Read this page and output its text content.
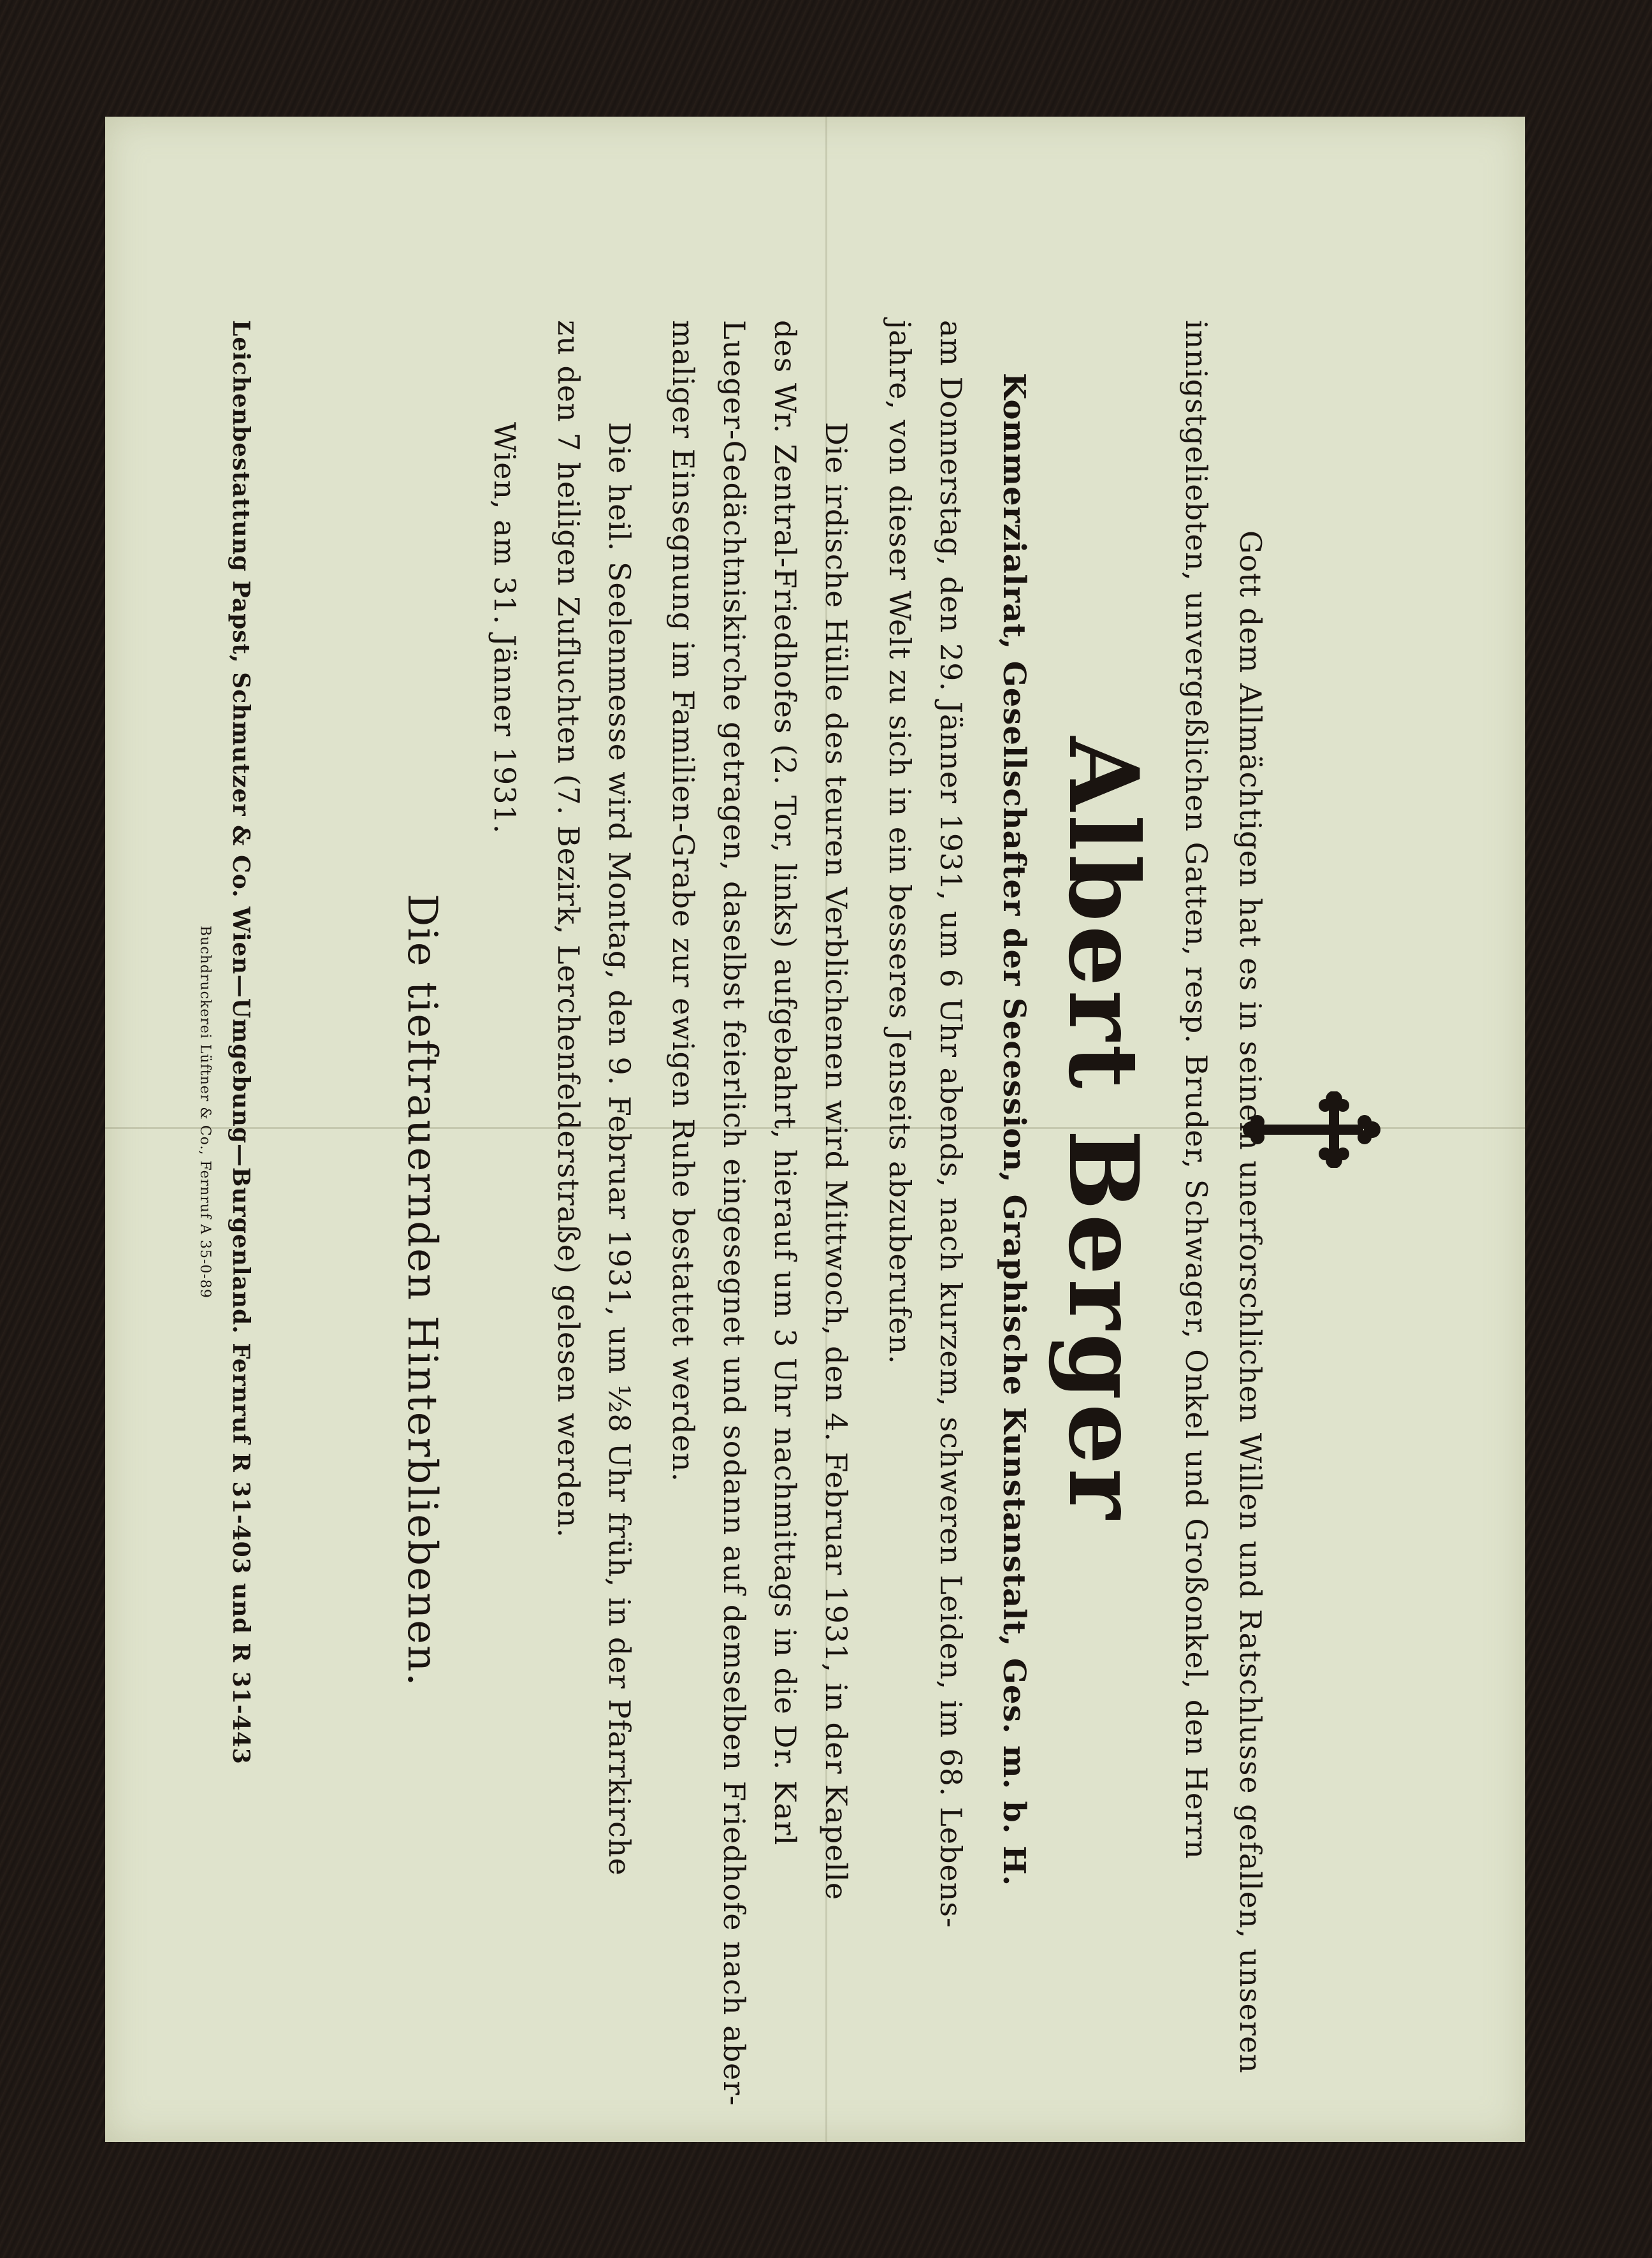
Gott dem Allmächtigen hat es in seinem unerforschlichen Willen und Ratschlusse gefallen, unseren
innigstgeliebten, unvergeßlichen Gatten, resp. Bruder, Schwager, Onkel und Großonkel, den Herrn
Albert Berger
Kommerzialrat, Gesellschafter der Secession, Graphische Kunstanstalt, Ges. m. b. H.
am Donnerstag, den 29. Jänner 1931, um 6 Uhr abends, nach kurzem, schweren Leiden, im 68. Lebens-
jahre, von dieser Welt zu sich in ein besseres Jenseits abzuberufen.
Die irdische Hülle des teuren Verblichenen wird Mittwoch, den 4. Februar 1931, in der Kapelle
des Wr. Zentral-Friedhofes (2. Tor, links) aufgebahrt, hierauf um 3 Uhr nachmittags in die Dr. Karl
Lueger-Gedächtniskirche getragen, daselbst feierlich eingesegnet und sodann auf demselben Friedhofe nach aber-
maliger Einsegnung im Familien-Grabe zur ewigen Ruhe bestattet werden.
Die heil. Seelenmesse wird Montag, den 9. Februar 1931, um ½8 Uhr früh, in der Pfarrkirche
zu den 7 heiligen Zufluchten (7. Bezirk, Lerchenfelderstraße) gelesen werden.
Wien, am 31. Jänner 1931.
Die tieftrauernden Hinterbliebenen.
Leichenbestattung Papst, Schmutzer & Co. Wien—Umgebung—Burgenland. Fernruf R 31-403 und R 31-443
Buchdruckerei Lüftner & Co., Fernruf A 35-0-89
